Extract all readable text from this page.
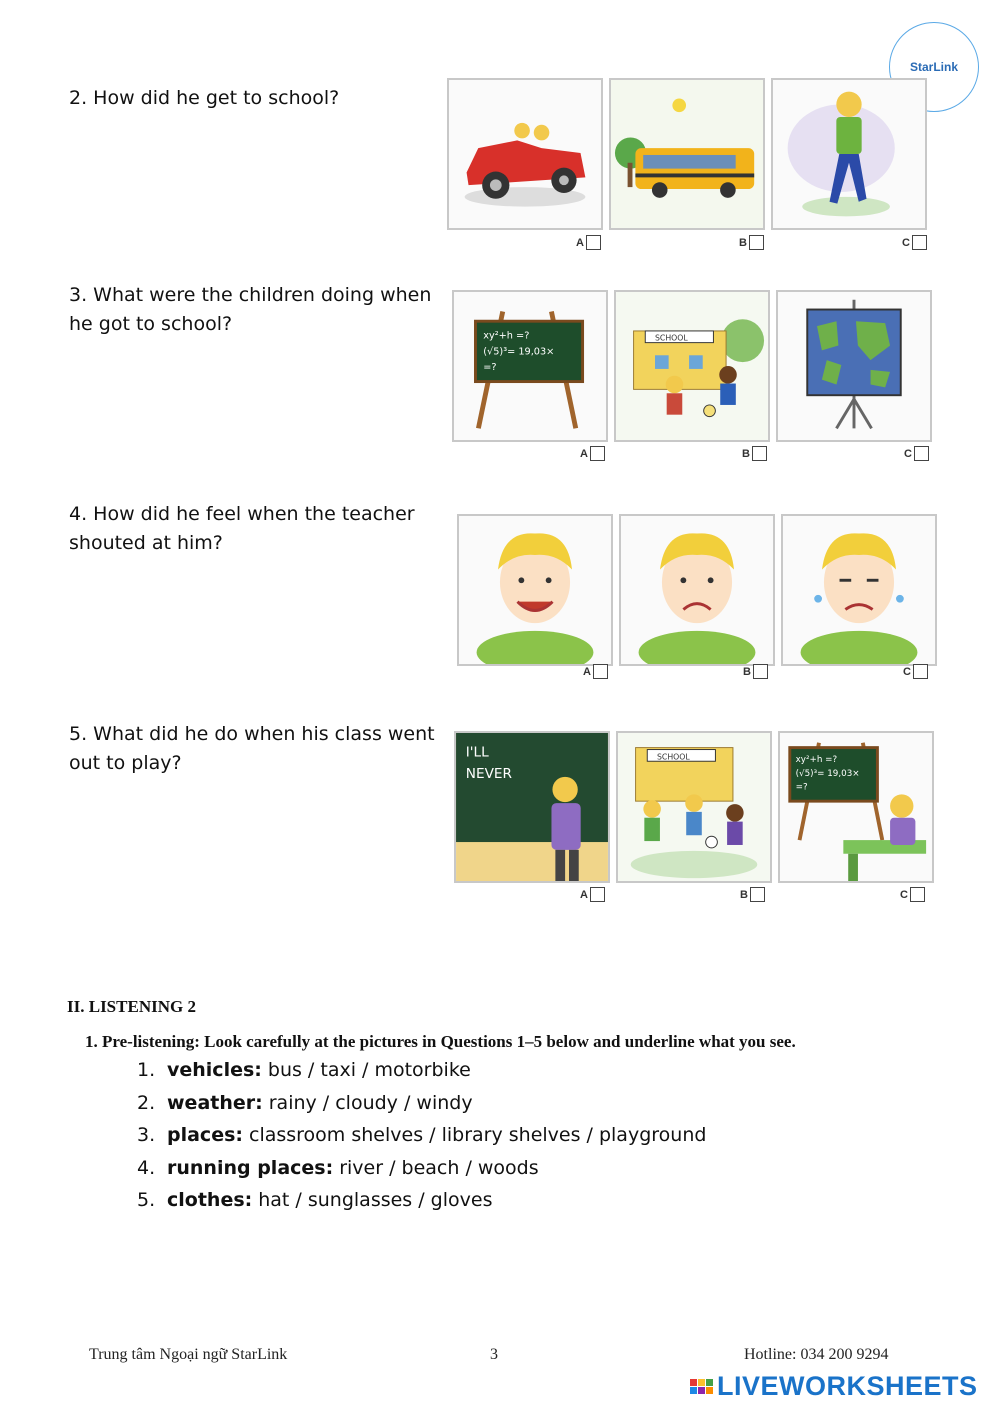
StarLink
2. How did he get to school?
A	B	C
3. What were the children doing when he got to school?
xy²+h =?
(√5)³= 19,03×
=?
SCHOOL
A	B	C
4. How did he feel when the teacher shouted at him?
A	B	C
5. What did he do when his class went out to play?	I'LL
NEVER
SCHOOL	xy²+h =?
(√5)³= 19,03×
=?
A	B	C
II. LISTENING 2
1. Pre-listening: Look carefully at the pictures in Questions 1–5 below and underline what you see.
1. vehicles: bus / taxi / motorbike
2. weather: rainy / cloudy / windy
3. places: classroom shelves / library shelves / playground
4. running places: river / beach / woods
5. clothes: hat / sunglasses / gloves
Trung tâm Ngoại ngữ StarLink	3	Hotline: 034 200 9294
LIVEWORKSHEETS
